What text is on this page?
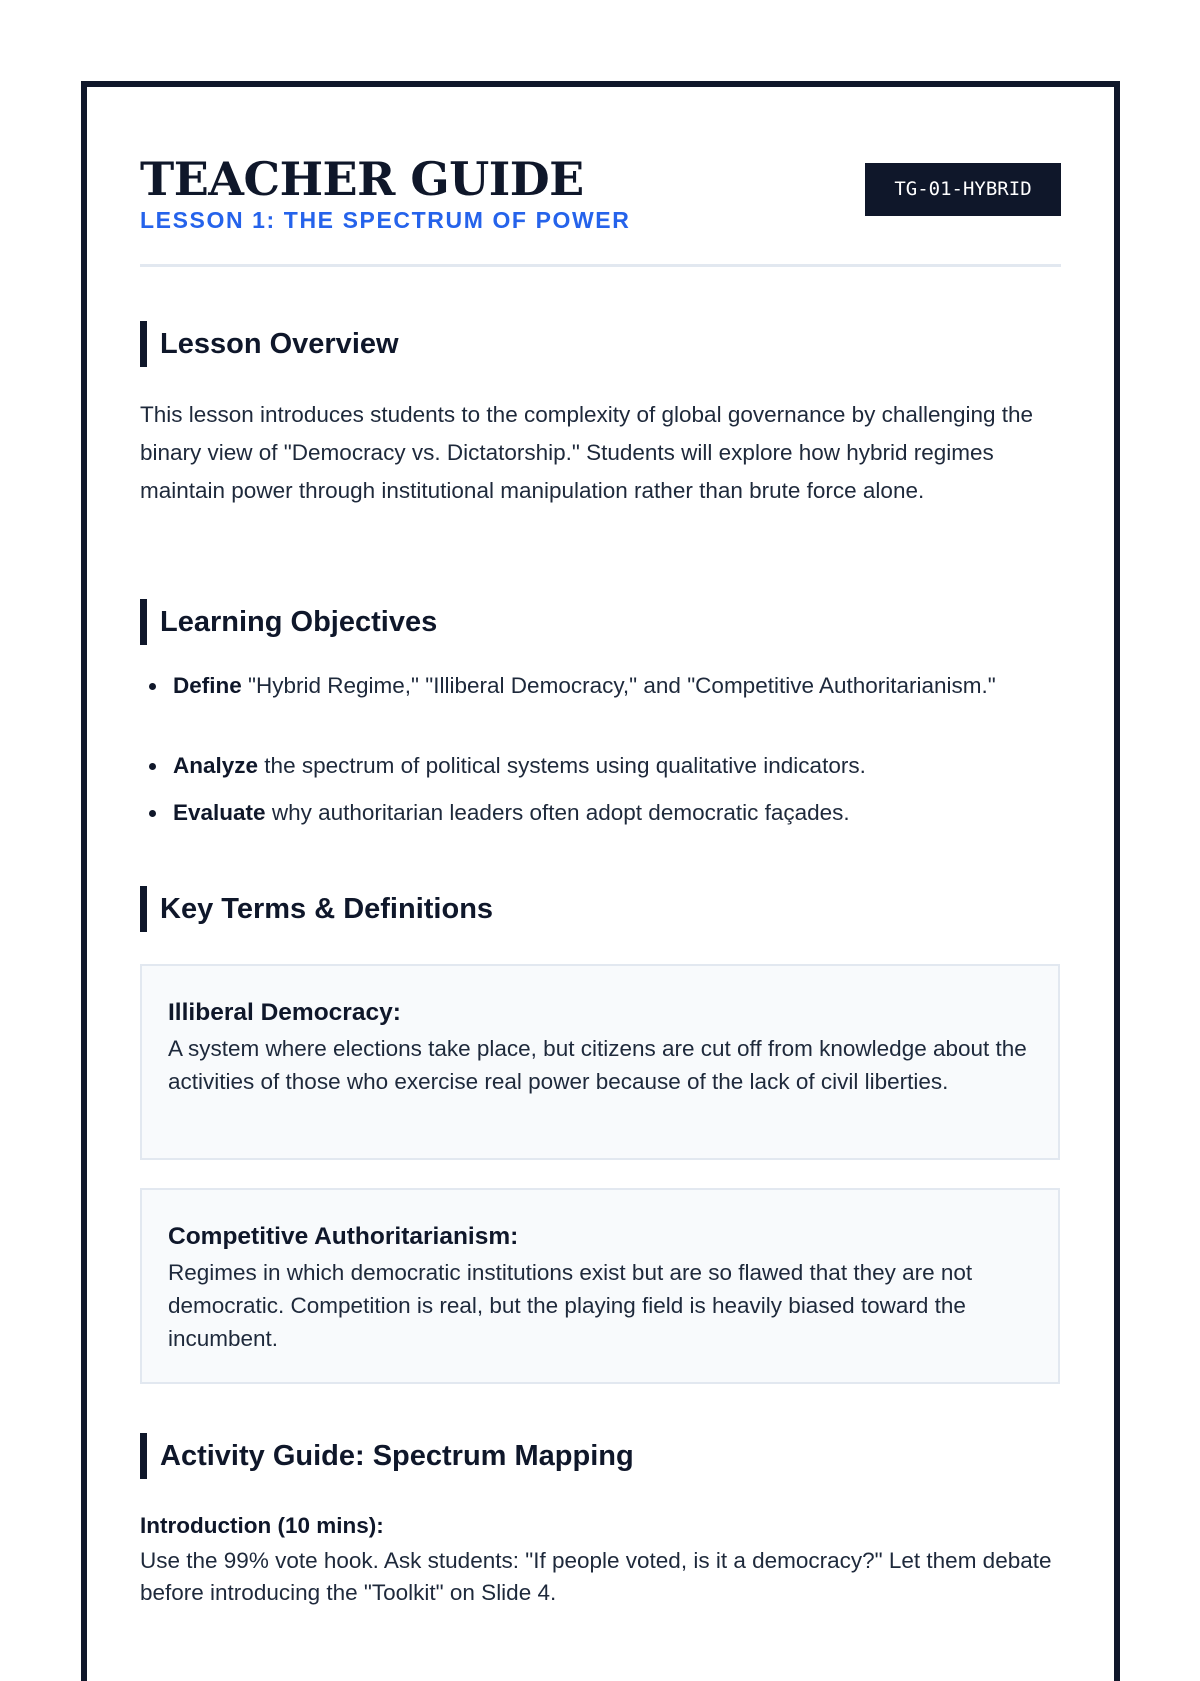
TEACHER GUIDE
LESSON 1: THE SPECTRUM OF POWER
TG-01-HYBRID
Lesson Overview

This lesson introduces students to the complexity of global governance by challenging the binary view of "Democracy vs. Dictatorship." Students will explore how hybrid regimes maintain power through institutional manipulation rather than brute force alone.

Learning Objectives
Define "Hybrid Regime," "Illiberal Democracy," and "Competitive Authoritarianism."
Analyze the spectrum of political systems using qualitative indicators.
Evaluate why authoritarian leaders often adopt democratic façades.
Key Terms & Definitions
Illiberal Democracy:
A system where elections take place, but citizens are cut off from knowledge about the activities of those who exercise real power because of the lack of civil liberties.
Competitive Authoritarianism:
Regimes in which democratic institutions exist but are so flawed that they are not democratic. Competition is real, but the playing field is heavily biased toward the incumbent.
Activity Guide: Spectrum Mapping
Introduction (10 mins):

Use the 99% vote hook. Ask students: "If people voted, is it a democracy?" Let them debate before introducing the "Toolkit" on Slide 4.
